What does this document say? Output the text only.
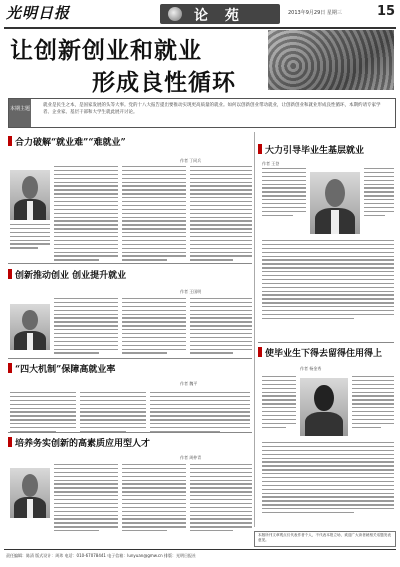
光明日报	论 苑	2013年9月29日 星期三	15
让创新创业和就业
形成良性循环
本期主题
就业是民生之本，是国家发展的头等大事。党的十八大报告提出要推动实现更高质量的就业。如何以创新创业带动就业，让创新创业和就业形成良性循环，本期约请专家学者、企业家、基层干部和大学生就此展开讨论。
合力破解“就业难”“难就业”
作者 丁同兵
创新推动创业 创业提升就业
作者 王国明
“四大机制”保障高就业率
作者 魏平
培养务实创新的高素质应用型人才
作者 周仲青
大力引导毕业生基层就业
作者 王登
使毕业生下得去留得住用得上
作者 杨金秀
本版所刊文章观点仅代表作者个人，不代表本报立场，欢迎广大读者就相关话题发表意见。
责任编辑：陈清 版式设计：周玮 电话：010-67078441 电子信箱：lunyuan@gmw.cn 排版：光明日报社
